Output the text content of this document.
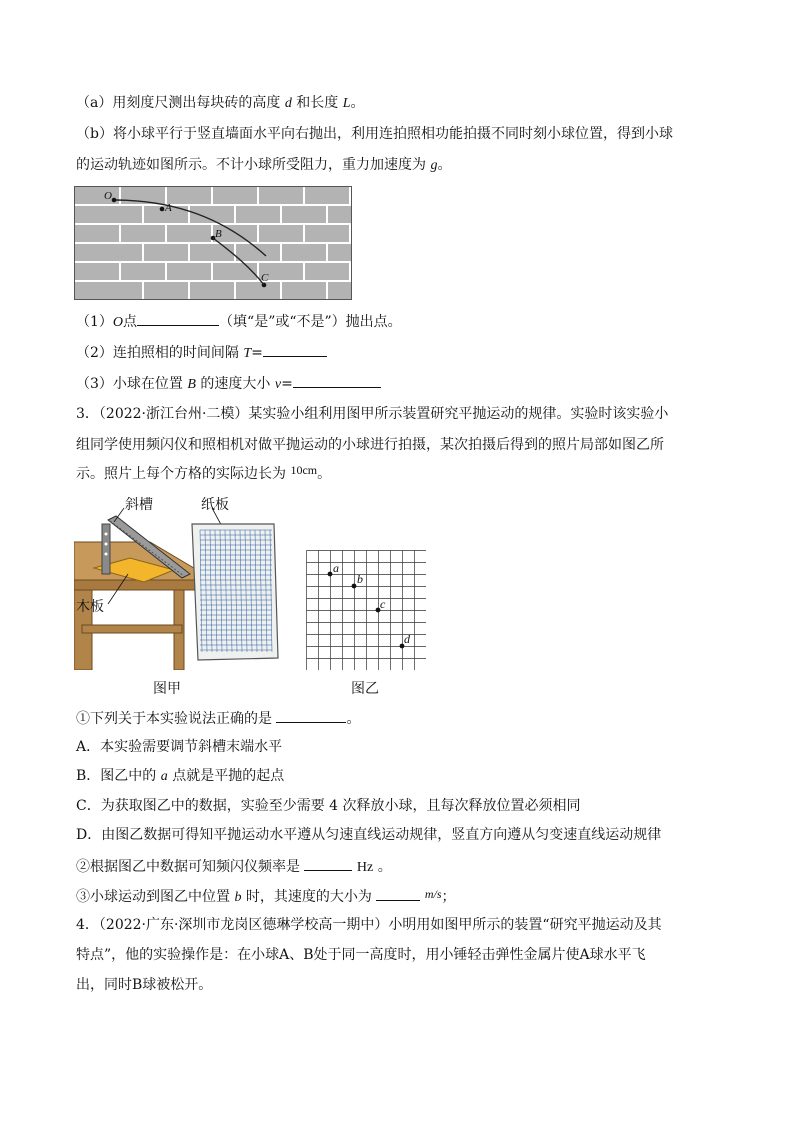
（a）用刻度尺测出每块砖的高度 d 和长度 L。
（b）将小球平行于竖直墙面水平向右抛出，利用连拍照相功能拍摄不同时刻小球位置，得到小球
的运动轨迹如图所示。不计小球所受阻力，重力加速度为 g。
O
A
B
C
（1）O点	（填“是”或“不是”）抛出点。
（2）连拍照相的时间间隔 T=
（3）小球在位置 B 的速度大小 v=
3．（2022·浙江台州·二模）某实验小组利用图甲所示装置研究平抛运动的规律。实验时该实验小
组同学使用频闪仪和照相机对做平抛运动的小球进行拍摄，某次拍摄后得到的照片局部如图乙所
示。照片上每个方格的实际边长为 10cm。
斜槽	纸板
木板
图甲
a
b
c
d
图乙
①下列关于本实验说法正确的是	。
A．本实验需要调节斜槽末端水平
B．图乙中的 a 点就是平抛的起点
C．为获取图乙中的数据，实验至少需要 4 次释放小球，且每次释放位置必须相同
D．由图乙数据可得知平抛运动水平遵从匀速直线运动规律，竖直方向遵从匀变速直线运动规律
②根据图乙中数据可知频闪仪频率是	Hz 。
③小球运动到图乙中位置 b 时，其速度的大小为	m/s；
4．（2022·广东·深圳市龙岗区德琳学校高一期中）小明用如图甲所示的装置“研究平抛运动及其
特点”，他的实验操作是：在小球A、B处于同一高度时，用小锤轻击弹性金属片使A球水平飞
出，同时B球被松开。
